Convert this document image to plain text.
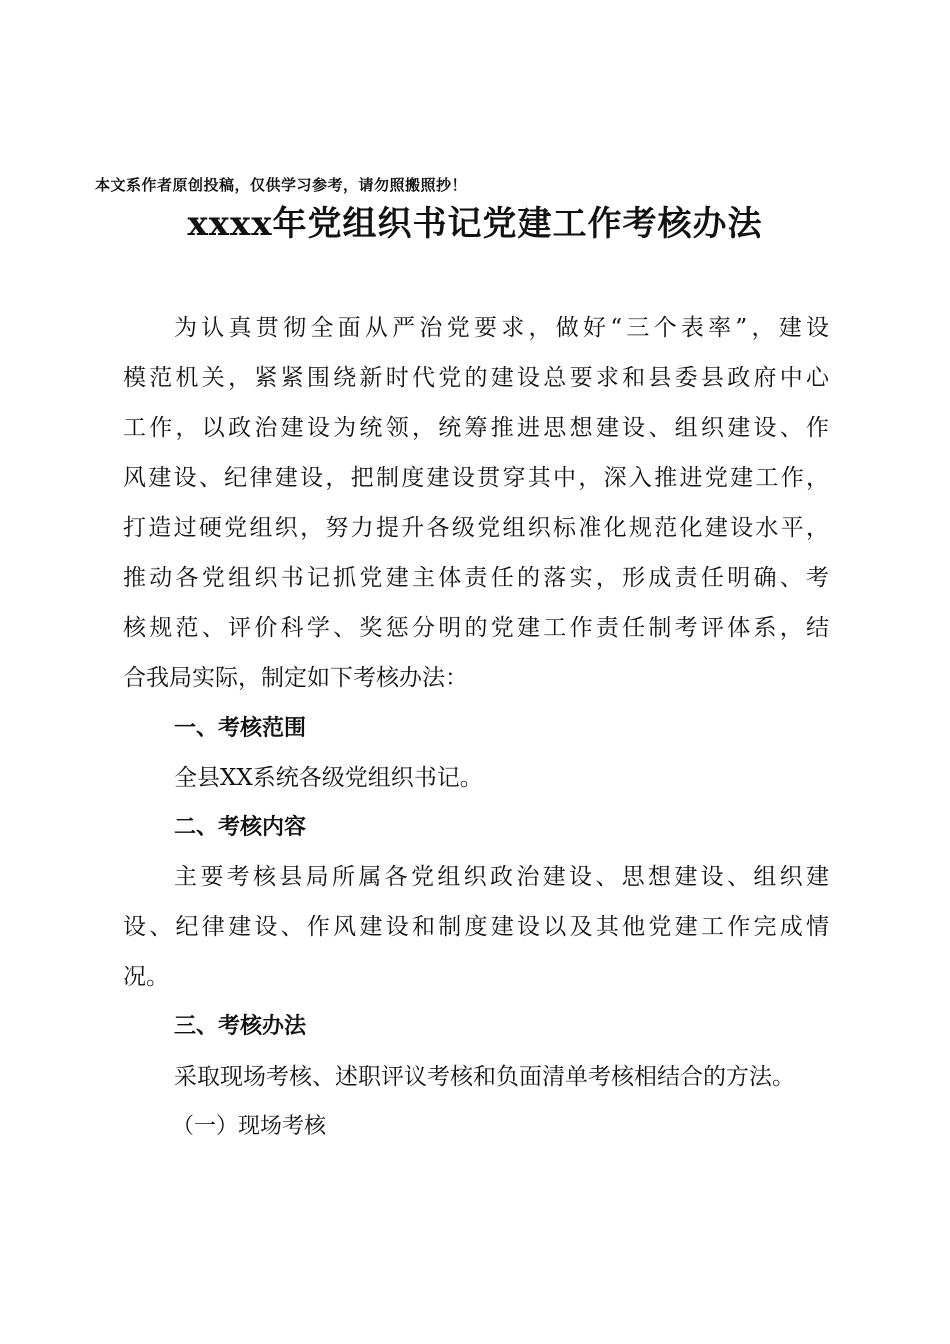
本文系作者原创投稿，仅供学习参考，请勿照搬照抄！
xxxx年党组织书记党建工作考核办法
为认真贯彻全面从严治党要求，做好“三个表率”，建设
模范机关，紧紧围绕新时代党的建设总要求和县委县政府中心
工作，以政治建设为统领，统筹推进思想建设、组织建设、作
风建设、纪律建设，把制度建设贯穿其中，深入推进党建工作，
打造过硬党组织，努力提升各级党组织标准化规范化建设水平，
推动各党组织书记抓党建主体责任的落实，形成责任明确、考
核规范、评价科学、奖惩分明的党建工作责任制考评体系，结
合我局实际，制定如下考核办法：
一、考核范围
全县XX系统各级党组织书记。
二、考核内容
主要考核县局所属各党组织政治建设、思想建设、组织建
设、纪律建设、作风建设和制度建设以及其他党建工作完成情
况。
三、考核办法
采取现场考核、述职评议考核和负面清单考核相结合的方法。
（一）现场考核
